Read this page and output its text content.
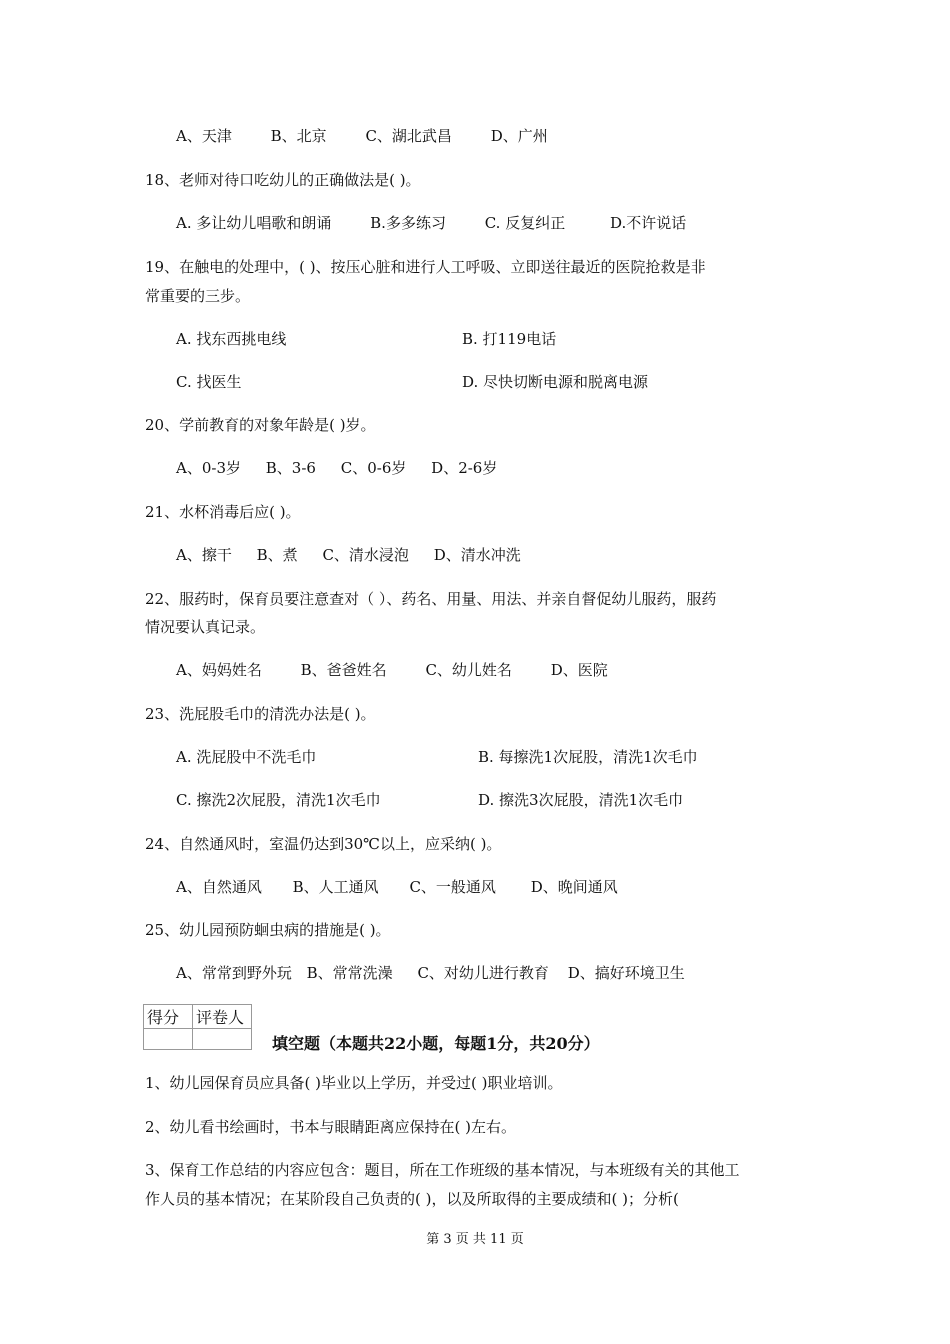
A、天津	B、北京	C、湖北武昌	D、广州
18、老师对待口吃幼儿的正确做法是( )。
A. 多让幼儿唱歌和朗诵	B.多多练习	C. 反复纠正	D.不许说话
19、在触电的处理中，( )、按压心脏和进行人工呼吸、立即送往最近的医院抢救是非
常重要的三步。
A. 找东西挑电线	B. 打119电话
C. 找医生	D. 尽快切断电源和脱离电源
20、学前教育的对象年龄是( )岁。
A、0-3岁 B、3-6 C、0-6岁 D、2-6岁
21、水杯消毒后应( )。
A、擦干 B、煮 C、清水浸泡 D、清水冲洗
22、服药时，保育员要注意查对（ ）、药名、用量、用法、并亲自督促幼儿服药，服药
情况要认真记录。
A、妈妈姓名	B、爸爸姓名	C、幼儿姓名	D、医院
23、洗屁股毛巾的清洗办法是( )。
A. 洗屁股中不洗毛巾	B. 每擦洗1次屁股，清洗1次毛巾
C. 擦洗2次屁股，清洗1次毛巾	D. 擦洗3次屁股，清洗1次毛巾
24、自然通风时，室温仍达到30℃以上，应采纳( )。
A、自然通风 B、人工通风 C、一般通风 D、晚间通风
25、幼儿园预防蛔虫病的措施是( )。
A、常常到野外玩 B、常常洗澡 C、对幼儿进行教育 D、搞好环境卫生
得分	评卷人

填空题（本题共22小题，每题1分，共20分）
1、幼儿园保育员应具备( )毕业以上学历，并受过( )职业培训。
2、幼儿看书绘画时，书本与眼睛距离应保持在( )左右。
3、保育工作总结的内容应包含：题目，所在工作班级的基本情况，与本班级有关的其他工
作人员的基本情况；在某阶段自己负责的( )，以及所取得的主要成绩和( )；分析(
第 3 页 共 11 页
